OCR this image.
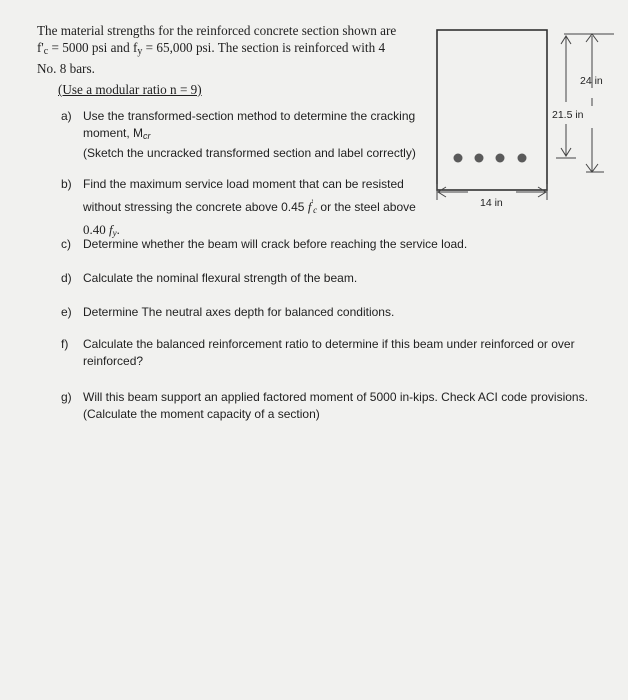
The material strengths for the reinforced concrete section shown are
f'c = 5000 psi and fy = 65,000 psi. The section is reinforced with 4
No. 8 bars.
(Use a modular ratio n = 9)
a) Use the transformed-section method to determine the cracking
moment, Mcr
(Sketch the uncracked transformed section and label correctly)
b) Find the maximum service load moment that can be resisted
without stressing the concrete above 0.45 f'c or the steel above
0.40 fy.
c) Determine whether the beam will crack before reaching the service load.
d) Calculate the nominal flexural strength of the beam.
e) Determine The neutral axes depth for balanced conditions.
f) Calculate the balanced reinforcement ratio to determine if this beam under reinforced or over
reinforced?
g) Will this beam support an applied factored moment of 5000 in-kips. Check ACI code provisions.
(Calculate the moment capacity of a section)
24 in
21.5 in
14 in
